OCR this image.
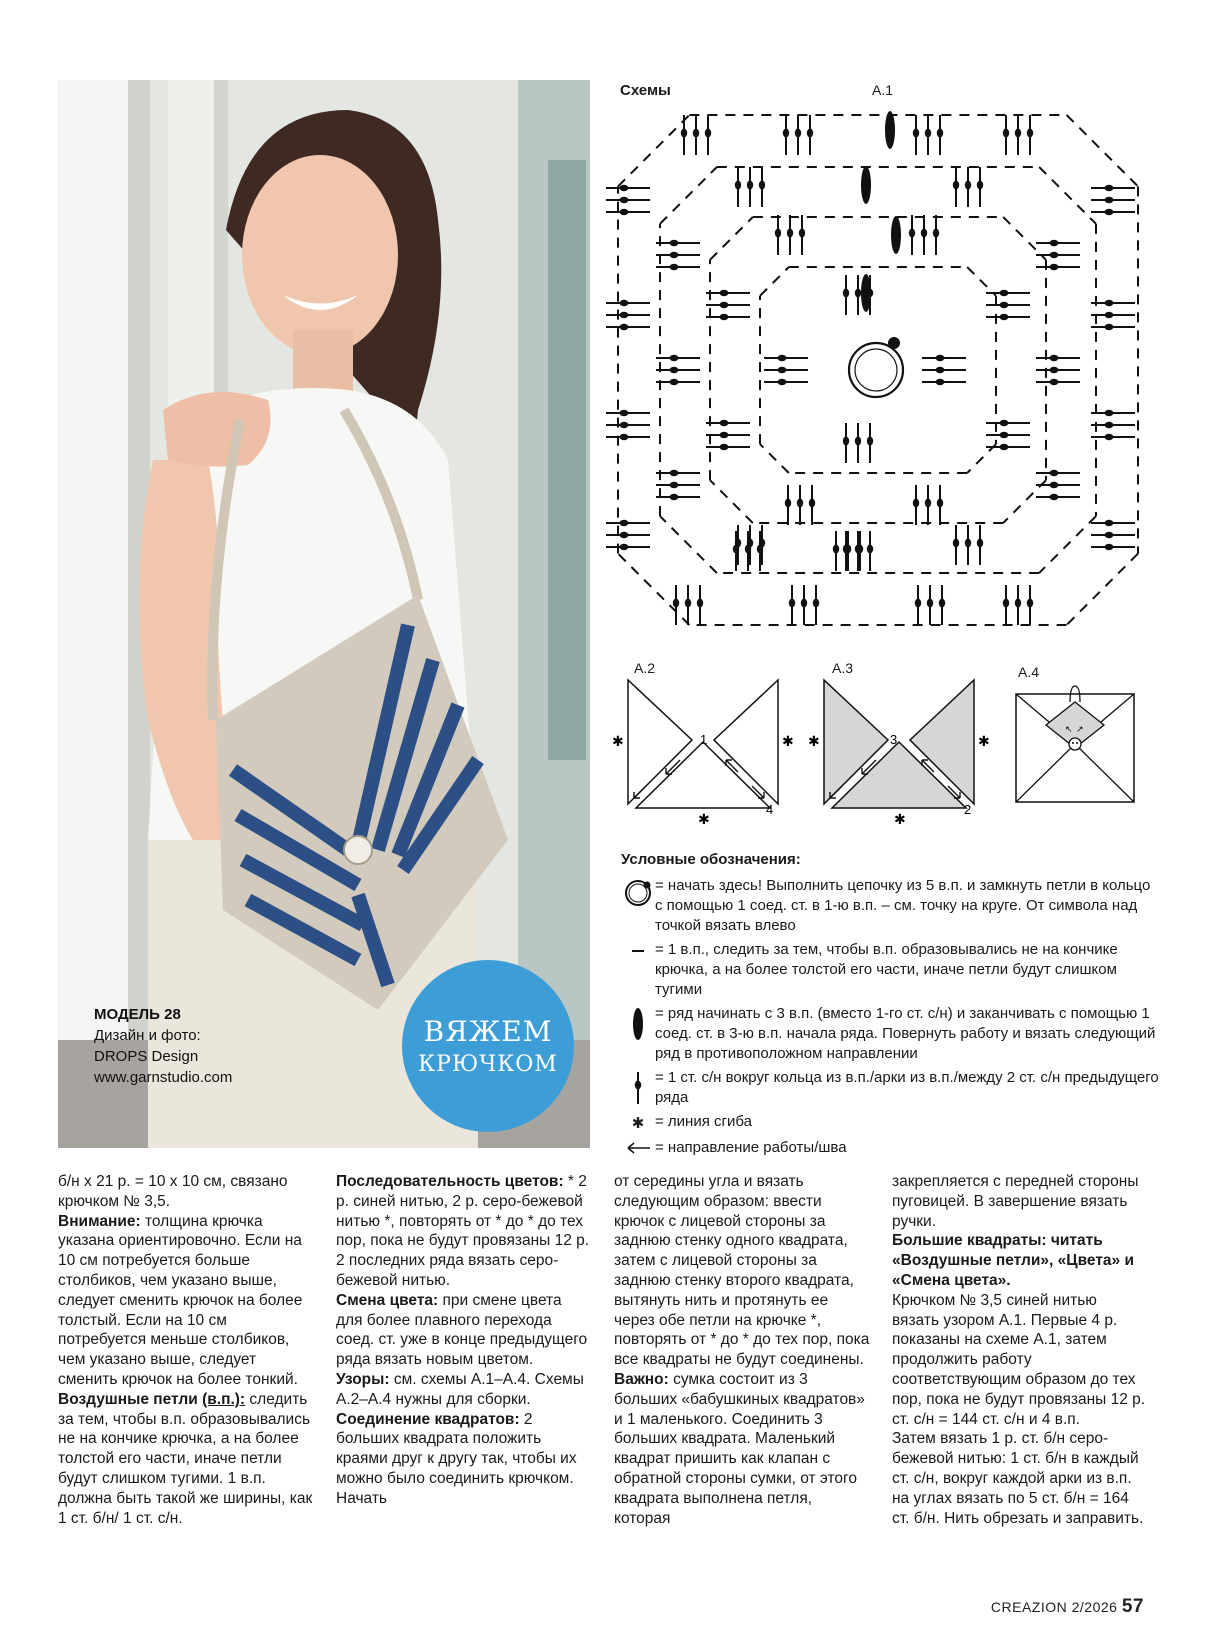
МОДЕЛЬ 28
Дизайн и фото:
DROPS Design
www.garnstudio.com
ВЯЖЕМ
КРЮЧКОМ
Схемы	А.1
А.2
1
4
✱	✱
✱
А.3
3
2
✱	✱
✱
А.4
↖ ↗
Условные обозначения:
= начать здесь! Выполнить цепочку из 5 в.п. и замкнуть петли в кольцо с помощью 1 соед. ст. в 1-ю в.п. – см. точку на круге. От символа над точкой вязать влево
= 1 в.п., следить за тем, чтобы в.п. образовывались не на кончике крючка, а на более толстой его части, иначе петли будут слишком тугими
= ряд начинать с 3 в.п. (вместо 1-го ст. с/н) и заканчивать с помощью 1 соед. ст. в 3-ю в.п. начала ряда. Повернуть работу и вязать следующий ряд в противоположном направлении
= 1 ст. с/н вокруг кольца из в.п./арки из в.п./между 2 ст. с/н предыдущего ряда
✱ = линия сгиба
= направление работы/шва

б/н х 21 р. = 10 х 10 см, связано крючком № 3,5.
Внимание: толщина крючка указана ориентировочно. Если на 10 см потребуется больше столбиков, чем указано выше, следует сменить крючок на более толстый. Если на 10 см потребуется меньше столбиков, чем указано выше, следует сменить крючок на более тонкий.
Воздушные петли (в.п.): следить за тем, чтобы в.п. образовывались не на кончике крючка, а на более толстой его части, иначе петли будут слишком тугими. 1 в.п. должна быть такой же ширины, как 1 ст. б/н/ 1 ст. с/н.

Последовательность цветов: * 2 р. синей нитью, 2 р. серо-бежевой нитью *, повторять от * до * до тех пор, пока не будут провязаны 12 р. 2 последних ряда вязать серо-бежевой нитью.
Смена цвета: при смене цвета для более плавного перехода соед. ст. уже в конце предыдущего ряда вязать новым цветом.
Узоры: см. схемы А.1–А.4. Схемы А.2–А.4 нужны для сборки.
Соединение квадратов: 2 больших квадрата положить краями друг к другу так, чтобы их можно было соединить крючком. Начать

от середины угла и вязать следующим образом: ввести крючок с лицевой стороны за заднюю стенку одного квадрата, затем с лицевой стороны за заднюю стенку второго квадрата, вытянуть нить и протянуть ее через обе петли на крючке *, повторять от * до * до тех пор, пока все квадраты не будут соединены.
Важно: сумка состоит из 3 больших «бабушкиных квадратов» и 1 маленького. Соединить 3 больших квадрата. Маленький квадрат пришить как клапан с обратной стороны сумки, от этого квадрата выполнена петля, которая

закрепляется с передней стороны пуговицей. В завершение вязать ручки.
Большие квадраты: читать «Воздушные петли», «Цвета» и «Смена цвета».
Крючком № 3,5 синей нитью вязать узором А.1. Первые 4 р. показаны на схеме А.1, затем продолжить работу соответствующим образом до тех пор, пока не будут провязаны 12 р. ст. с/н = 144 ст. с/н и 4 в.п.
Затем вязать 1 р. ст. б/н серо-бежевой нитью: 1 ст. б/н в каждый ст. с/н, вокруг каждой арки из в.п. на углах вязать по 5 ст. б/н = 164 ст. б/н. Нить обрезать и заправить.

CREAZION 2/2026 57
